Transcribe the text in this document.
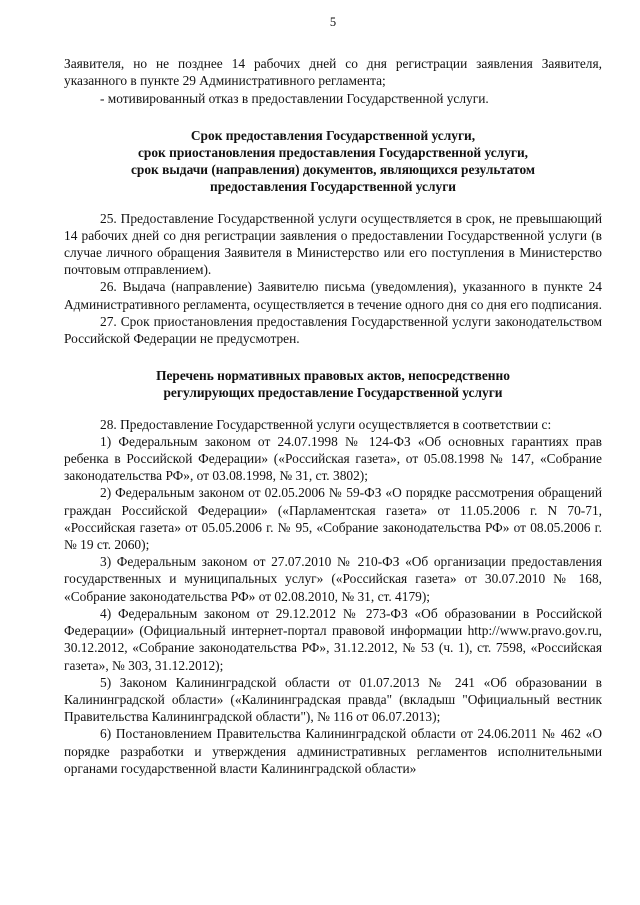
5

Заявителя, но не позднее 14 рабочих дней со дня регистрации заявления Заявителя, указанного в пункте 29 Административного регламента;

- мотивированный отказ в предоставлении Государственной услуги.

Срок предоставления Государственной услуги,
срок приостановления предоставления Государственной услуги,
срок выдачи (направления) документов, являющихся результатом
предоставления Государственной услуги

25. Предоставление Государственной услуги осуществляется в срок, не превышающий 14 рабочих дней со дня регистрации заявления о предоставлении Государственной услуги (в случае личного обращения Заявителя в Министерство или его поступления в Министерство почтовым отправлением).

26. Выдача (направление) Заявителю письма (уведомления), указанного в пункте 24 Административного регламента, осуществляется в течение одного дня со дня его подписания.

27. Срок приостановления предоставления Государственной услуги законодательством Российской Федерации не предусмотрен.

Перечень нормативных правовых актов, непосредственно
регулирующих предоставление Государственной услуги

28. Предоставление Государственной услуги осуществляется в соответствии с:

1) Федеральным законом от 24.07.1998 № 124-ФЗ «Об основных гарантиях прав ребенка в Российской Федерации» («Российская газета», от 05.08.1998 № 147, «Собрание законодательства РФ», от 03.08.1998, № 31, ст. 3802);

2) Федеральным законом от 02.05.2006 № 59-ФЗ «О порядке рассмотрения обращений граждан Российской Федерации» («Парламентская газета» от 11.05.2006 г. N 70-71, «Российская газета» от 05.05.2006 г. № 95, «Собрание законодательства РФ» от 08.05.2006 г. № 19 ст. 2060);

3) Федеральным законом от 27.07.2010 № 210-ФЗ «Об организации предоставления государственных и муниципальных услуг» («Российская газета» от 30.07.2010 № 168, «Собрание законодательства РФ» от 02.08.2010, № 31, ст. 4179);

4) Федеральным законом от 29.12.2012 № 273-ФЗ «Об образовании в Российской Федерации» (Официальный интернет-портал правовой информации http://www.pravo.gov.ru, 30.12.2012, «Собрание законодательства РФ», 31.12.2012, № 53 (ч. 1), ст. 7598, «Российская газета», № 303, 31.12.2012);

5) Законом Калининградской области от 01.07.2013 № 241 «Об образовании в Калининградской области» («Калининградская правда" (вкладыш "Официальный вестник Правительства Калининградской области"), № 116 от 06.07.2013);

6) Постановлением Правительства Калининградской области от 24.06.2011 № 462 «О порядке разработки и утверждения административных регламентов исполнительными органами государственной власти Калининградской области»
